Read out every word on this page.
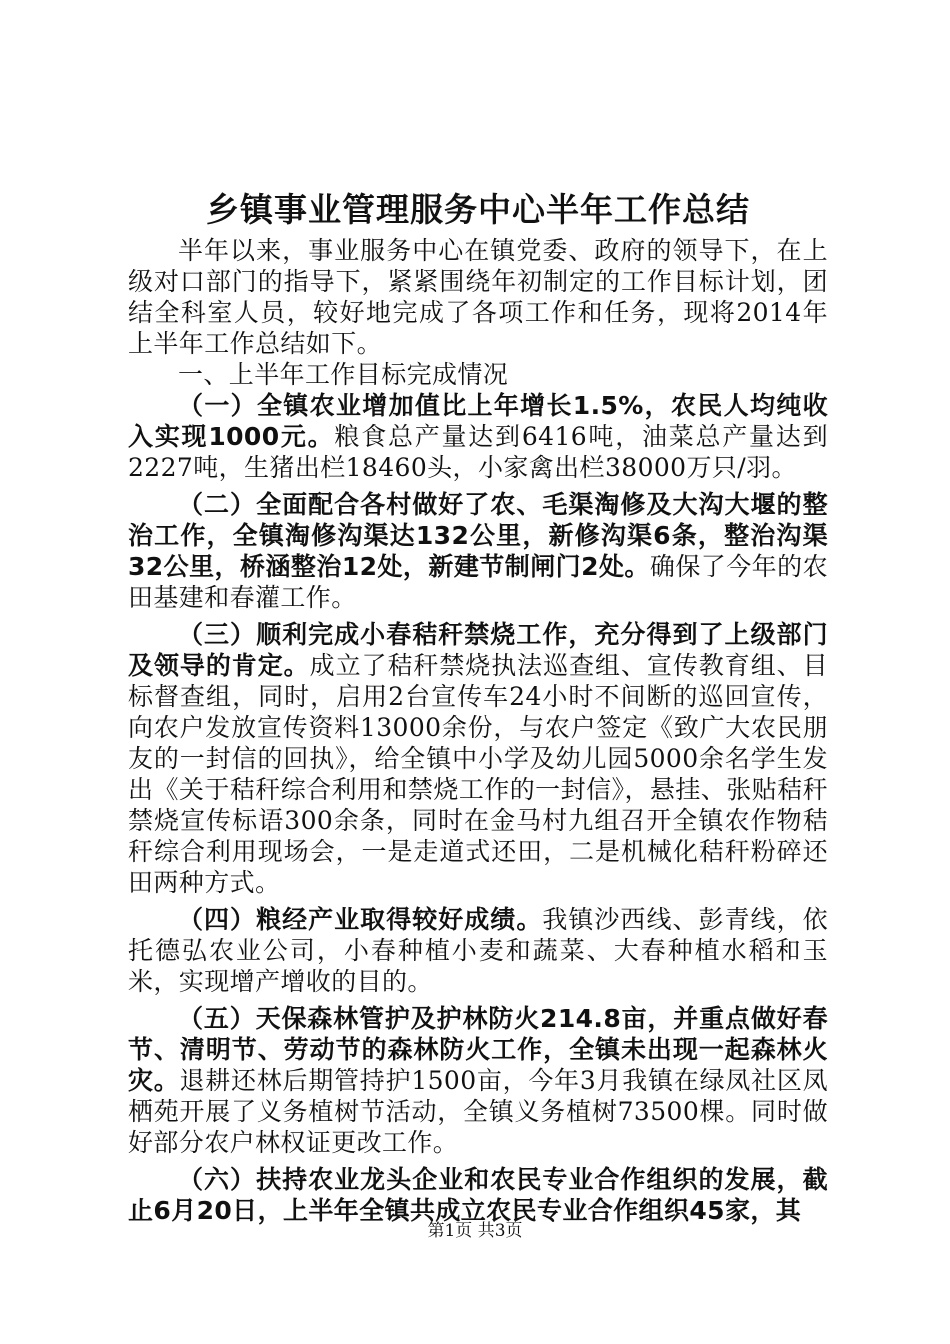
乡镇事业管理服务中心半年工作总结

半年以来，事业服务中心在镇党委、政府的领导下，在上级对口部门的指导下，紧紧围绕年初制定的工作目标计划，团结全科室人员，较好地完成了各项工作和任务，现将2014年上半年工作总结如下。

一、上半年工作目标完成情况

（一）全镇农业增加值比上年增长1.5%，农民人均纯收入实现1000元。粮食总产量达到6416吨，油菜总产量达到2227吨，生猪出栏18460头，小家禽出栏38000万只/羽。

（二）全面配合各村做好了农、毛渠淘修及大沟大堰的整治工作，全镇淘修沟渠达132公里，新修沟渠6条，整治沟渠32公里，桥涵整治12处，新建节制闸门2处。确保了今年的农田基建和春灌工作。

（三）顺利完成小春秸秆禁烧工作，充分得到了上级部门及领导的肯定。成立了秸秆禁烧执法巡查组、宣传教育组、目标督查组，同时，启用2台宣传车24小时不间断的巡回宣传，向农户发放宣传资料13000余份，与农户签定《致广大农民朋友的一封信的回执》，给全镇中小学及幼儿园5000余名学生发出《关于秸秆综合利用和禁烧工作的一封信》，悬挂、张贴秸秆禁烧宣传标语300余条，同时在金马村九组召开全镇农作物秸秆综合利用现场会，一是走道式还田，二是机械化秸秆粉碎还田两种方式。

（四）粮经产业取得较好成绩。我镇沙西线、彭青线，依托德弘农业公司，小春种植小麦和蔬菜、大春种植水稻和玉米，实现增产增收的目的。

（五）天保森林管护及护林防火214.8亩，并重点做好春节、清明节、劳动节的森林防火工作，全镇未出现一起森林火灾。退耕还林后期管持护1500亩，今年3月我镇在绿凤社区凤栖苑开展了义务植树节活动，全镇义务植树73500棵。同时做好部分农户林权证更改工作。

（六）扶持农业龙头企业和农民专业合作组织的发展，截止6月20日，上半年全镇共成立农民专业合作组织45家，其

第1页 共3页
